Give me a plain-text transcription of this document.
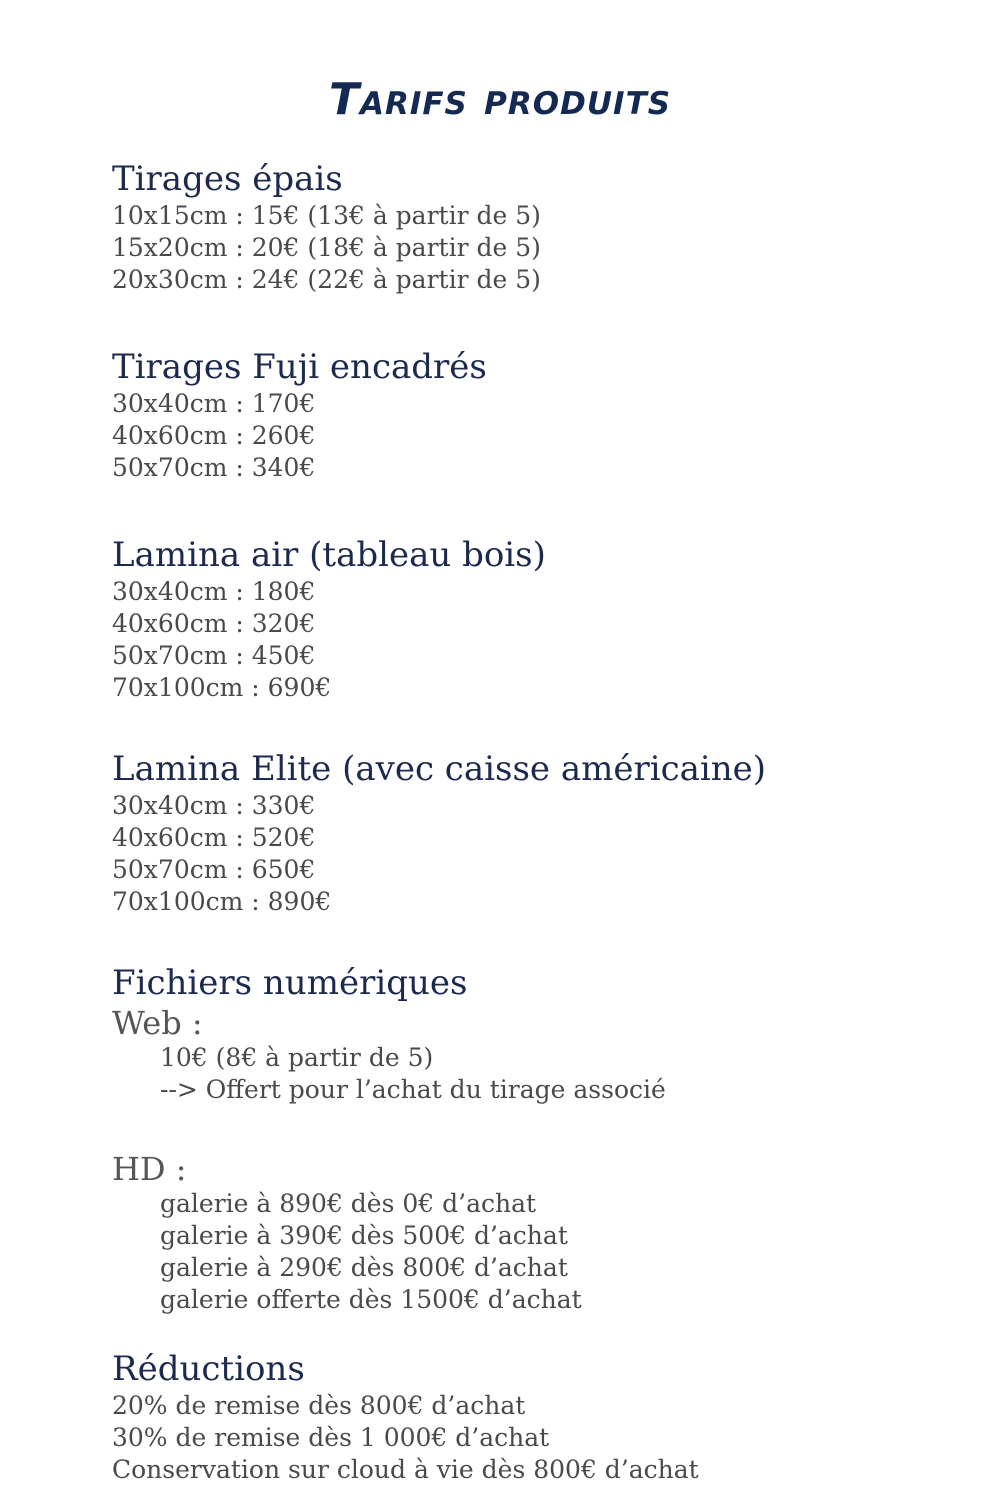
Tarifs produits
Tirages épais
10x15cm : 15€ (13€ à partir de 5)
15x20cm : 20€ (18€ à partir de 5)
20x30cm : 24€ (22€ à partir de 5)
Tirages Fuji encadrés
30x40cm : 170€
40x60cm : 260€
50x70cm : 340€
Lamina air (tableau bois)
30x40cm : 180€
40x60cm : 320€
50x70cm : 450€
70x100cm : 690€
Lamina Elite (avec caisse américaine)
30x40cm : 330€
40x60cm : 520€
50x70cm : 650€
70x100cm : 890€
Fichiers numériques
Web :
10€ (8€ à partir de 5)
--> Offert pour l’achat du tirage associé
HD :
galerie à 890€ dès 0€ d’achat
galerie à 390€ dès 500€ d’achat
galerie à 290€ dès 800€ d’achat
galerie offerte dès 1500€ d’achat
Réductions
20% de remise dès 800€ d’achat
30% de remise dès 1 000€ d’achat
Conservation sur cloud à vie dès 800€ d’achat
